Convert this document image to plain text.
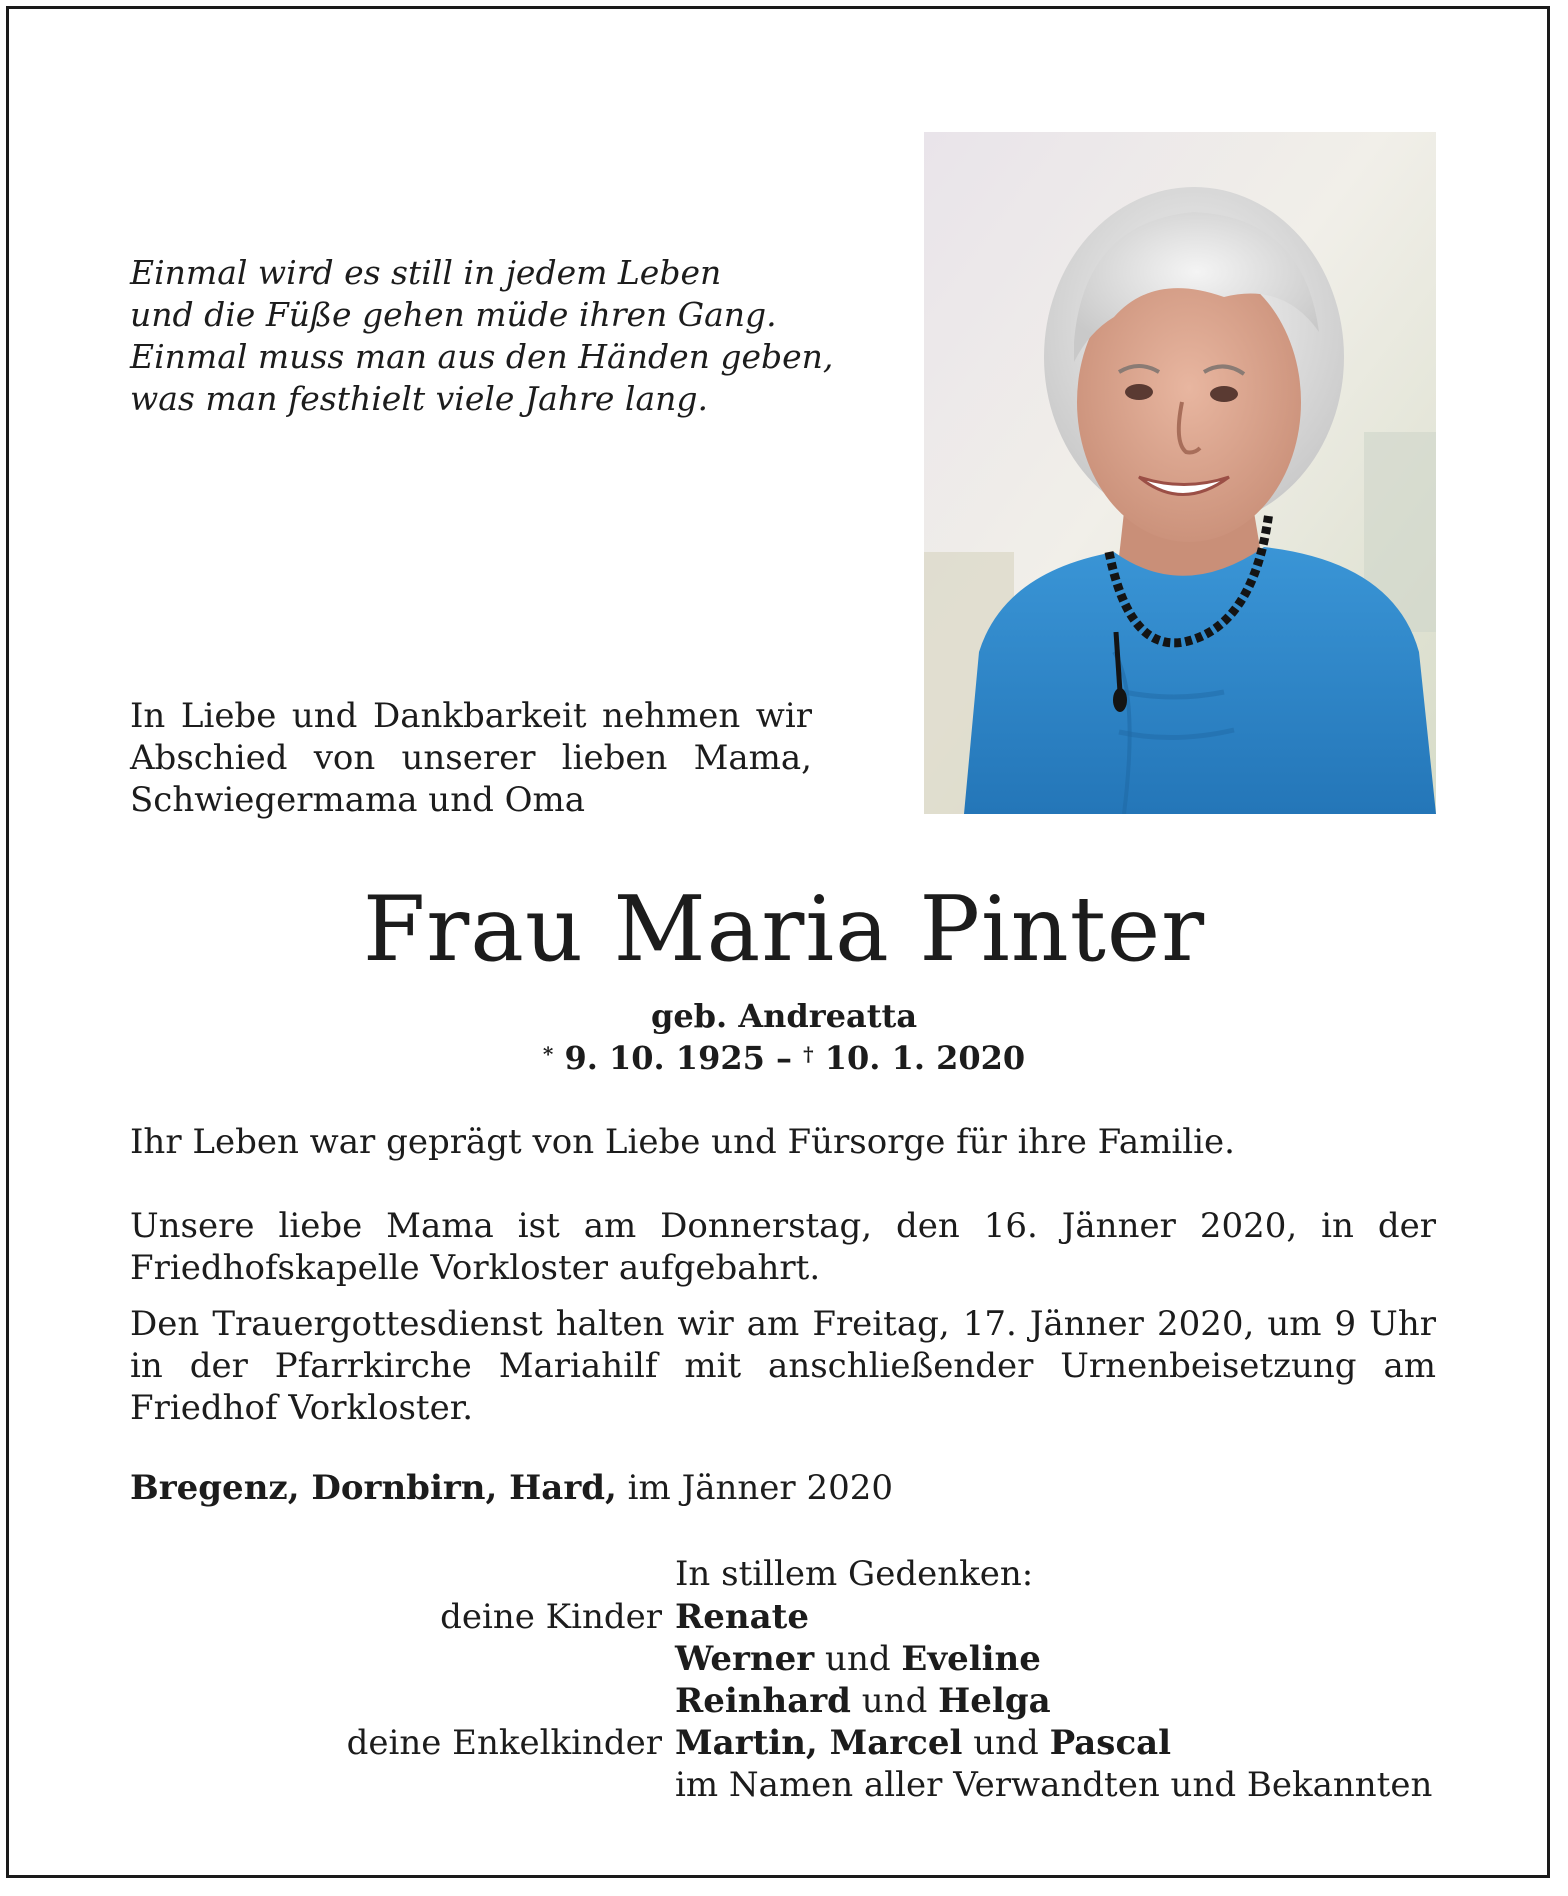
Einmal wird es still in jedem Leben
und die Füße gehen müde ihren Gang.
Einmal muss man aus den Händen geben,
was man festhielt viele Jahre lang.
In Liebe und Dankbarkeit nehmen wir Abschied von unserer lieben Mama, Schwiegermama und Oma
Frau Maria Pinter
geb. Andreatta
* 9. 10. 1925 – † 10. 1. 2020
Ihr Leben war geprägt von Liebe und Fürsorge für ihre Familie.
Unsere liebe Mama ist am Donnerstag, den 16. Jänner 2020, in der Friedhofskapelle Vorkloster aufgebahrt.
Den Trauergottesdienst halten wir am Freitag, 17. Jänner 2020, um 9 Uhr in der Pfarrkirche Mariahilf mit anschließender Urnenbeisetzung am Friedhof Vorkloster.
Bregenz, Dornbirn, Hard, im Jänner 2020
In stillem Gedenken:
deine Kinder Renate
Werner und Eveline
Reinhard und Helga
deine Enkelkinder Martin, Marcel und Pascal
im Namen aller Verwandten und Bekannten
